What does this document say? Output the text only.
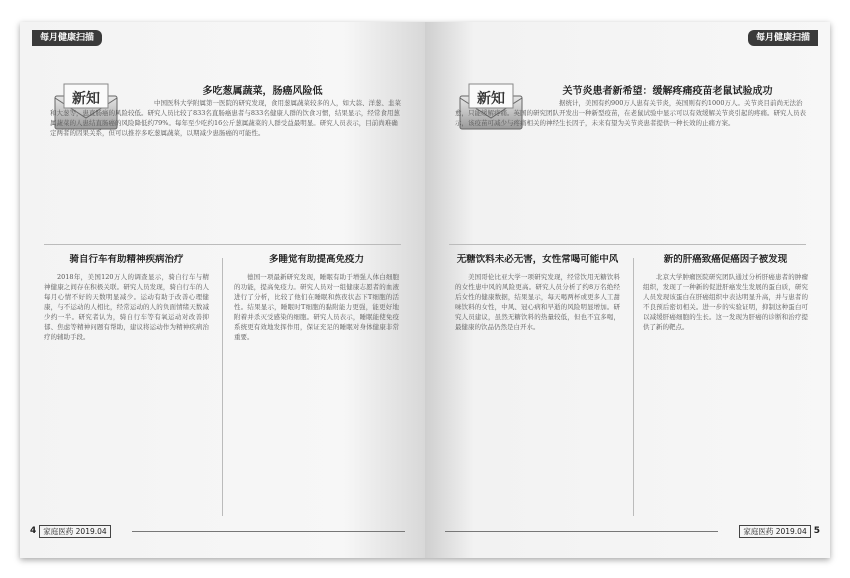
每月健康扫描
新知	多吃葱属蔬菜，肠癌风险低
中国医科大学附属第一医院的研究发现，食用葱属蔬菜较多的人，如大蒜、洋葱、韭菜和大葱等，患直肠癌的风险较低。研究人员比较了833名直肠癌患者与833名健康人群的饮食习惯，结果显示，经常食用葱属蔬菜的人患结直肠癌的风险降低约79%。每年至少吃约16公斤葱属蔬菜的人群受益最明显。研究人员表示，目前尚难确定两者的因果关系，但可以推荐多吃葱属蔬菜，以期减少患肠癌的可能性。
骑自行车有助精神疾病治疗
2018年，美国120万人的调查显示，骑自行车与精神健康之间存在积极关联。研究人员发现，骑自行车的人每月心情不好的天数明显减少。运动有助于改善心理健康，与不运动的人相比，经常运动的人的负面情绪天数减少约一半。研究者认为，骑自行车等有氧运动对改善抑郁、焦虑等精神问题有帮助，建议将运动作为精神疾病治疗的辅助手段。
多睡觉有助提高免疫力
德国一项最新研究发现，睡眠有助于增强人体白细胞的功能，提高免疫力。研究人员对一组健康志愿者的血液进行了分析，比较了他们在睡眠和熬夜状态下T细胞的活性。结果显示，睡眠时T细胞的黏附能力更强，能更好地附着并杀灭受感染的细胞。研究人员表示，睡眠能使免疫系统更有效地发挥作用，保证充足的睡眠对身体健康非常重要。
4 家庭医药 2019.04
每月健康扫描
新知	关节炎患者新希望：缓解疼痛疫苗老鼠试验成功
据统计，美国有约900万人患有关节炎，英国则有约1000万人。关节炎目前尚无法治愈，只能缓解疼痛。英国的研究团队开发出一种新型疫苗，在老鼠试验中显示可以有效缓解关节炎引起的疼痛。研究人员表示，该疫苗可减少与疼痛相关的神经生长因子，未来有望为关节炎患者提供一种长效的止痛方案。
无糖饮料未必无害，女性常喝可能中风
美国哥伦比亚大学一项研究发现，经常饮用无糖饮料的女性患中风的风险更高。研究人员分析了约8万名绝经后女性的健康数据，结果显示，每天喝两杯或更多人工甜味饮料的女性，中风、冠心病和早逝的风险明显增加。研究人员建议，虽然无糖饮料的热量较低，但也不宜多喝，最健康的饮品仍然是白开水。
新的肝癌致癌促癌因子被发现
北京大学肿瘤医院研究团队通过分析肝癌患者的肿瘤组织，发现了一种新的促进肝癌发生发展的蛋白质，研究人员发现该蛋白在肝癌组织中表达明显升高，并与患者的不良预后密切相关。进一步的实验证明，抑制这种蛋白可以减缓肝癌细胞的生长。这一发现为肝癌的诊断和治疗提供了新的靶点。
家庭医药 2019.04 5
